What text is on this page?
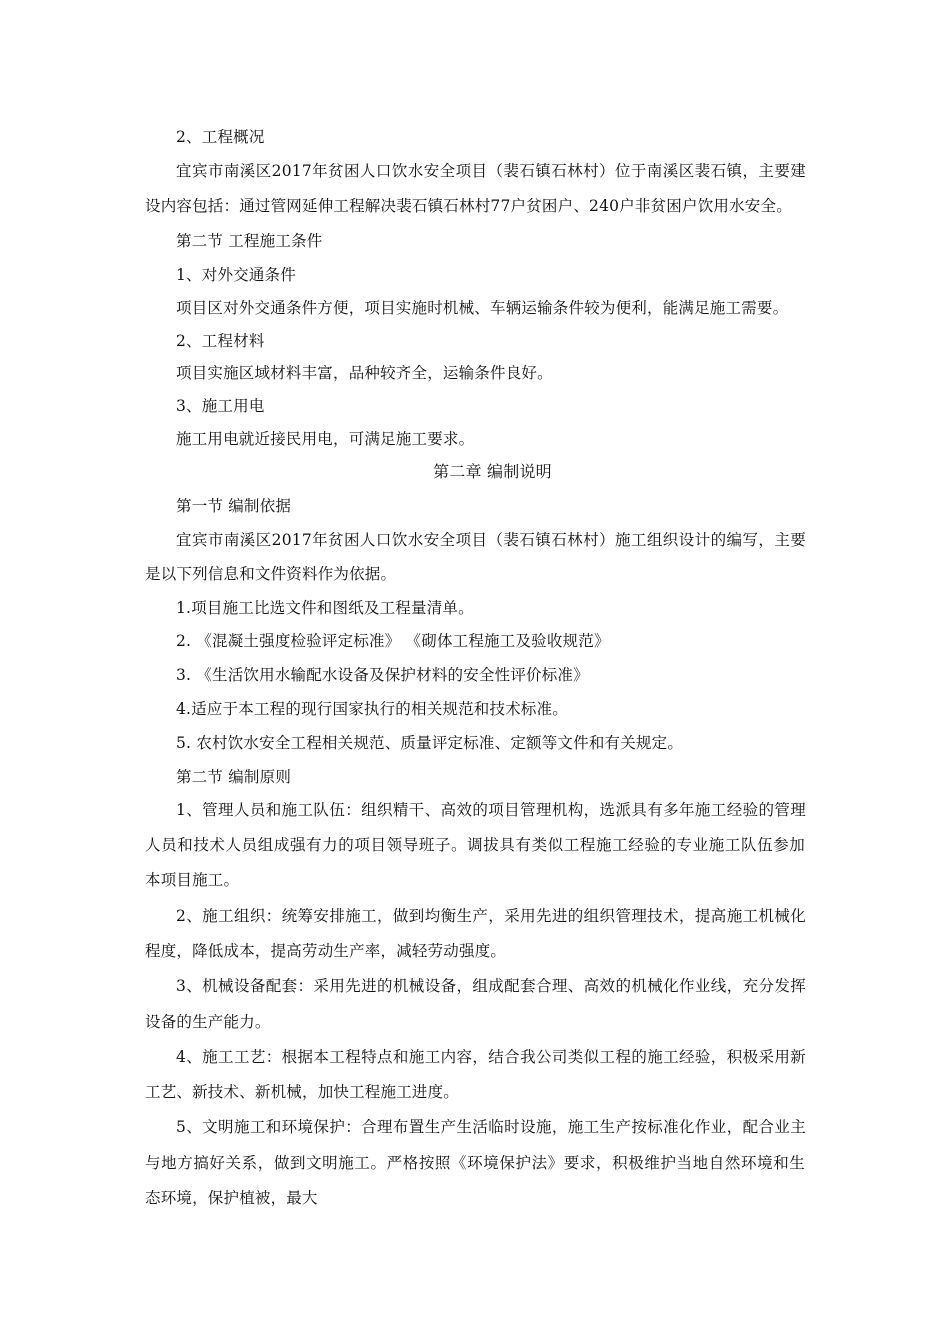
2、工程概况
宜宾市南溪区2017年贫困人口饮水安全项目（裴石镇石林村）位于南溪区裴石镇，主要建
设内容包括：通过管网延伸工程解决裴石镇石林村77户贫困户、240户非贫困户饮用水安全。
第二节 工程施工条件
1、对外交通条件
项目区对外交通条件方便，项目实施时机械、车辆运输条件较为便利，能满足施工需要。
2、工程材料
项目实施区域材料丰富，品种较齐全，运输条件良好。
3、施工用电
施工用电就近接民用电，可满足施工要求。
第二章 编制说明
第一节 编制依据
宜宾市南溪区2017年贫困人口饮水安全项目（裴石镇石林村）施工组织设计的编写，主要
是以下列信息和文件资料作为依据。
1.项目施工比选文件和图纸及工程量清单。
2. 《混凝土强度检验评定标准》 《砌体工程施工及验收规范》
3. 《生活饮用水输配水设备及保护材料的安全性评价标准》
4.适应于本工程的现行国家执行的相关规范和技术标准。
5. 农村饮水安全工程相关规范、质量评定标准、定额等文件和有关规定。
第二节 编制原则
1、管理人员和施工队伍：组织精干、高效的项目管理机构，选派具有多年施工经验的管理
人员和技术人员组成强有力的项目领导班子。调拔具有类似工程施工经验的专业施工队伍参加
本项目施工。
2、施工组织：统筹安排施工，做到均衡生产，采用先进的组织管理技术，提高施工机械化
程度，降低成本，提高劳动生产率，减轻劳动强度。
3、机械设备配套：采用先进的机械设备，组成配套合理、高效的机械化作业线，充分发挥
设备的生产能力。
4、施工工艺：根据本工程特点和施工内容，结合我公司类似工程的施工经验，积极采用新
工艺、新技术、新机械，加快工程施工进度。
5、文明施工和环境保护：合理布置生产生活临时设施，施工生产按标准化作业，配合业主
与地方搞好关系，做到文明施工。严格按照《环境保护法》要求，积极维护当地自然环境和生
态环境，保护植被，最大
